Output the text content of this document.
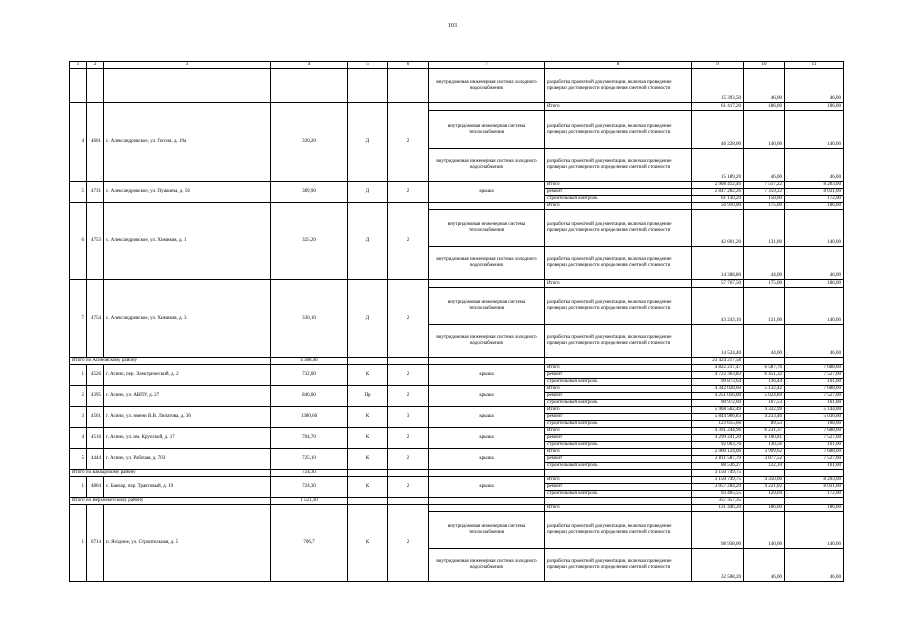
103
1	2	3	4	5	6	7	8	9	10	11
						внутридомовая инженерная система холодного водоснабжения	разработка проектной документации, включая проведение проверки достоверности определения сметной стоимости	15 393,50	46,00	46,00
4	4661	с. Александровское, ул. Гоголя, д. 19а	330,20	Д	2		Итого	61 417,20	186,00	186,00
						внутридомовая инженерная система теплоснабжения	разработка проектной документации, включая проведение проверки достоверности определения сметной стоимости	46 228,00	140,00	140,00
						внутридомовая инженерная система холодного водоснабжения	разработка проектной документации, включая проведение проверки достоверности определения сметной стоимости	15 189,20	46,00	46,00
5	4731	с. Александровское, ул. Пушкина, д. 56	389,90	Д	2	крыша	Итого	2 908 412,46	7 517,22	8 203,00
							ремонт	2 847 282,26	7 359,22	8 031,00
							строительный контроль	61 130,20	158,00	172,00
6	4753	с. Александровское, ул. Химиков, д. 1	325,20	Д	2		Итого	56 910,00	175,00	186,00
						внутридомовая инженерная система теплоснабжения	разработка проектной документации, включая проведение проверки достоверности определения сметной стоимости	42 601,20	131,00	140,00
						внутридомовая инженерная система холодного водоснабжения	разработка проектной документации, включая проведение проверки достоверности определения сметной стоимости	14 308,80	44,00	46,00
7	4754	с. Александровское, ул. Химиков, д. 3	330,10	Д	2		Итого	57 767,50	175,00	186,00
						внутридомовая инженерная система теплоснабжения	разработка проектной документации, включая проведение проверки достоверности определения сметной стоимости	43 243,10	131,00	140,00
						внутридомовая инженерная система холодного водоснабжения	разработка проектной документации, включая проведение проверки достоверности определения сметной стоимости	14 524,40	44,00	46,00
Итого по Асиновскому району			4 388,46					23 424 217,58		
1	4526	г. Асино, пер. Электрический, д. 2	732,00	К	2	крыша	Итого	4 822 237,47	6 587,76	7 688,00
							ремонт	4 722 363,83	6 451,32	7 527,00
							строительный контроль	99 873,64	136,44	161,00
2	4395	г. Асино, ул. АВПУ, д. 27	846,00	Пр	2	крыша	Итого	4 342 028,60	5 132,42	7 688,00
							ремонт	4 251 056,00	5 024,89	7 527,00
							строительный контроль	90 972,60	107,53	161,00
3	4561	г. Асино, ул. имени В.В. Липатова, д. 36	1380,66	К	3	крыша	Итого	5 968 582,49	4 322,99	5 144,00
							ремонт	5 844 966,83	4 233,46	5 036,00
							строительный контроль	123 615,66	89,53	108,00
4	4516	г. Асино, ул. им. Крупской, д. 17	704,70	К	2	крыша	Итого	4 391 244,96	6 231,37	7 688,00
							ремонт	4 299 241,20	6 100,81	7 527,00
							строительный контроль	92 003,76	130,56	161,00
5	4444	г. Асино, ул. Рабочая, д. 703	725,10	К	2	крыша	Итого	2 900 124,06	3 999,62	7 688,00
							ремонт	2 811 587,79	3 877,52	7 527,00
							строительный контроль	88 536,27	122,10	161,00
Итого по Бакчарскому району			724,30					3 150 749,75		
1	4804	с. Бакчар, пер. Трактовый, д. 19	724,30	К	2	крыша	Итого	3 150 749,75	4 350,06	8 203,00
							ремонт	3 057 284,20	4 221,02	8 031,00
							строительный контроль	93 465,55	129,04	172,00
Итого по Верхнекетскому району			1 521,30					357 357,35		
1	6714	п. Ягодное, ул. Строительная, д. 5	706,7	К	2		Итого	131 446,20	186,00	186,00
						внутридомовая инженерная система теплоснабжения	разработка проектной документации, включая проведение проверки достоверности определения сметной стоимости	98 938,00	140,00	140,00
						внутридомовая инженерная система холодного водоснабжения	разработка проектной документации, включая проведение проверки достоверности определения сметной стоимости	32 508,20	46,00	46,00
